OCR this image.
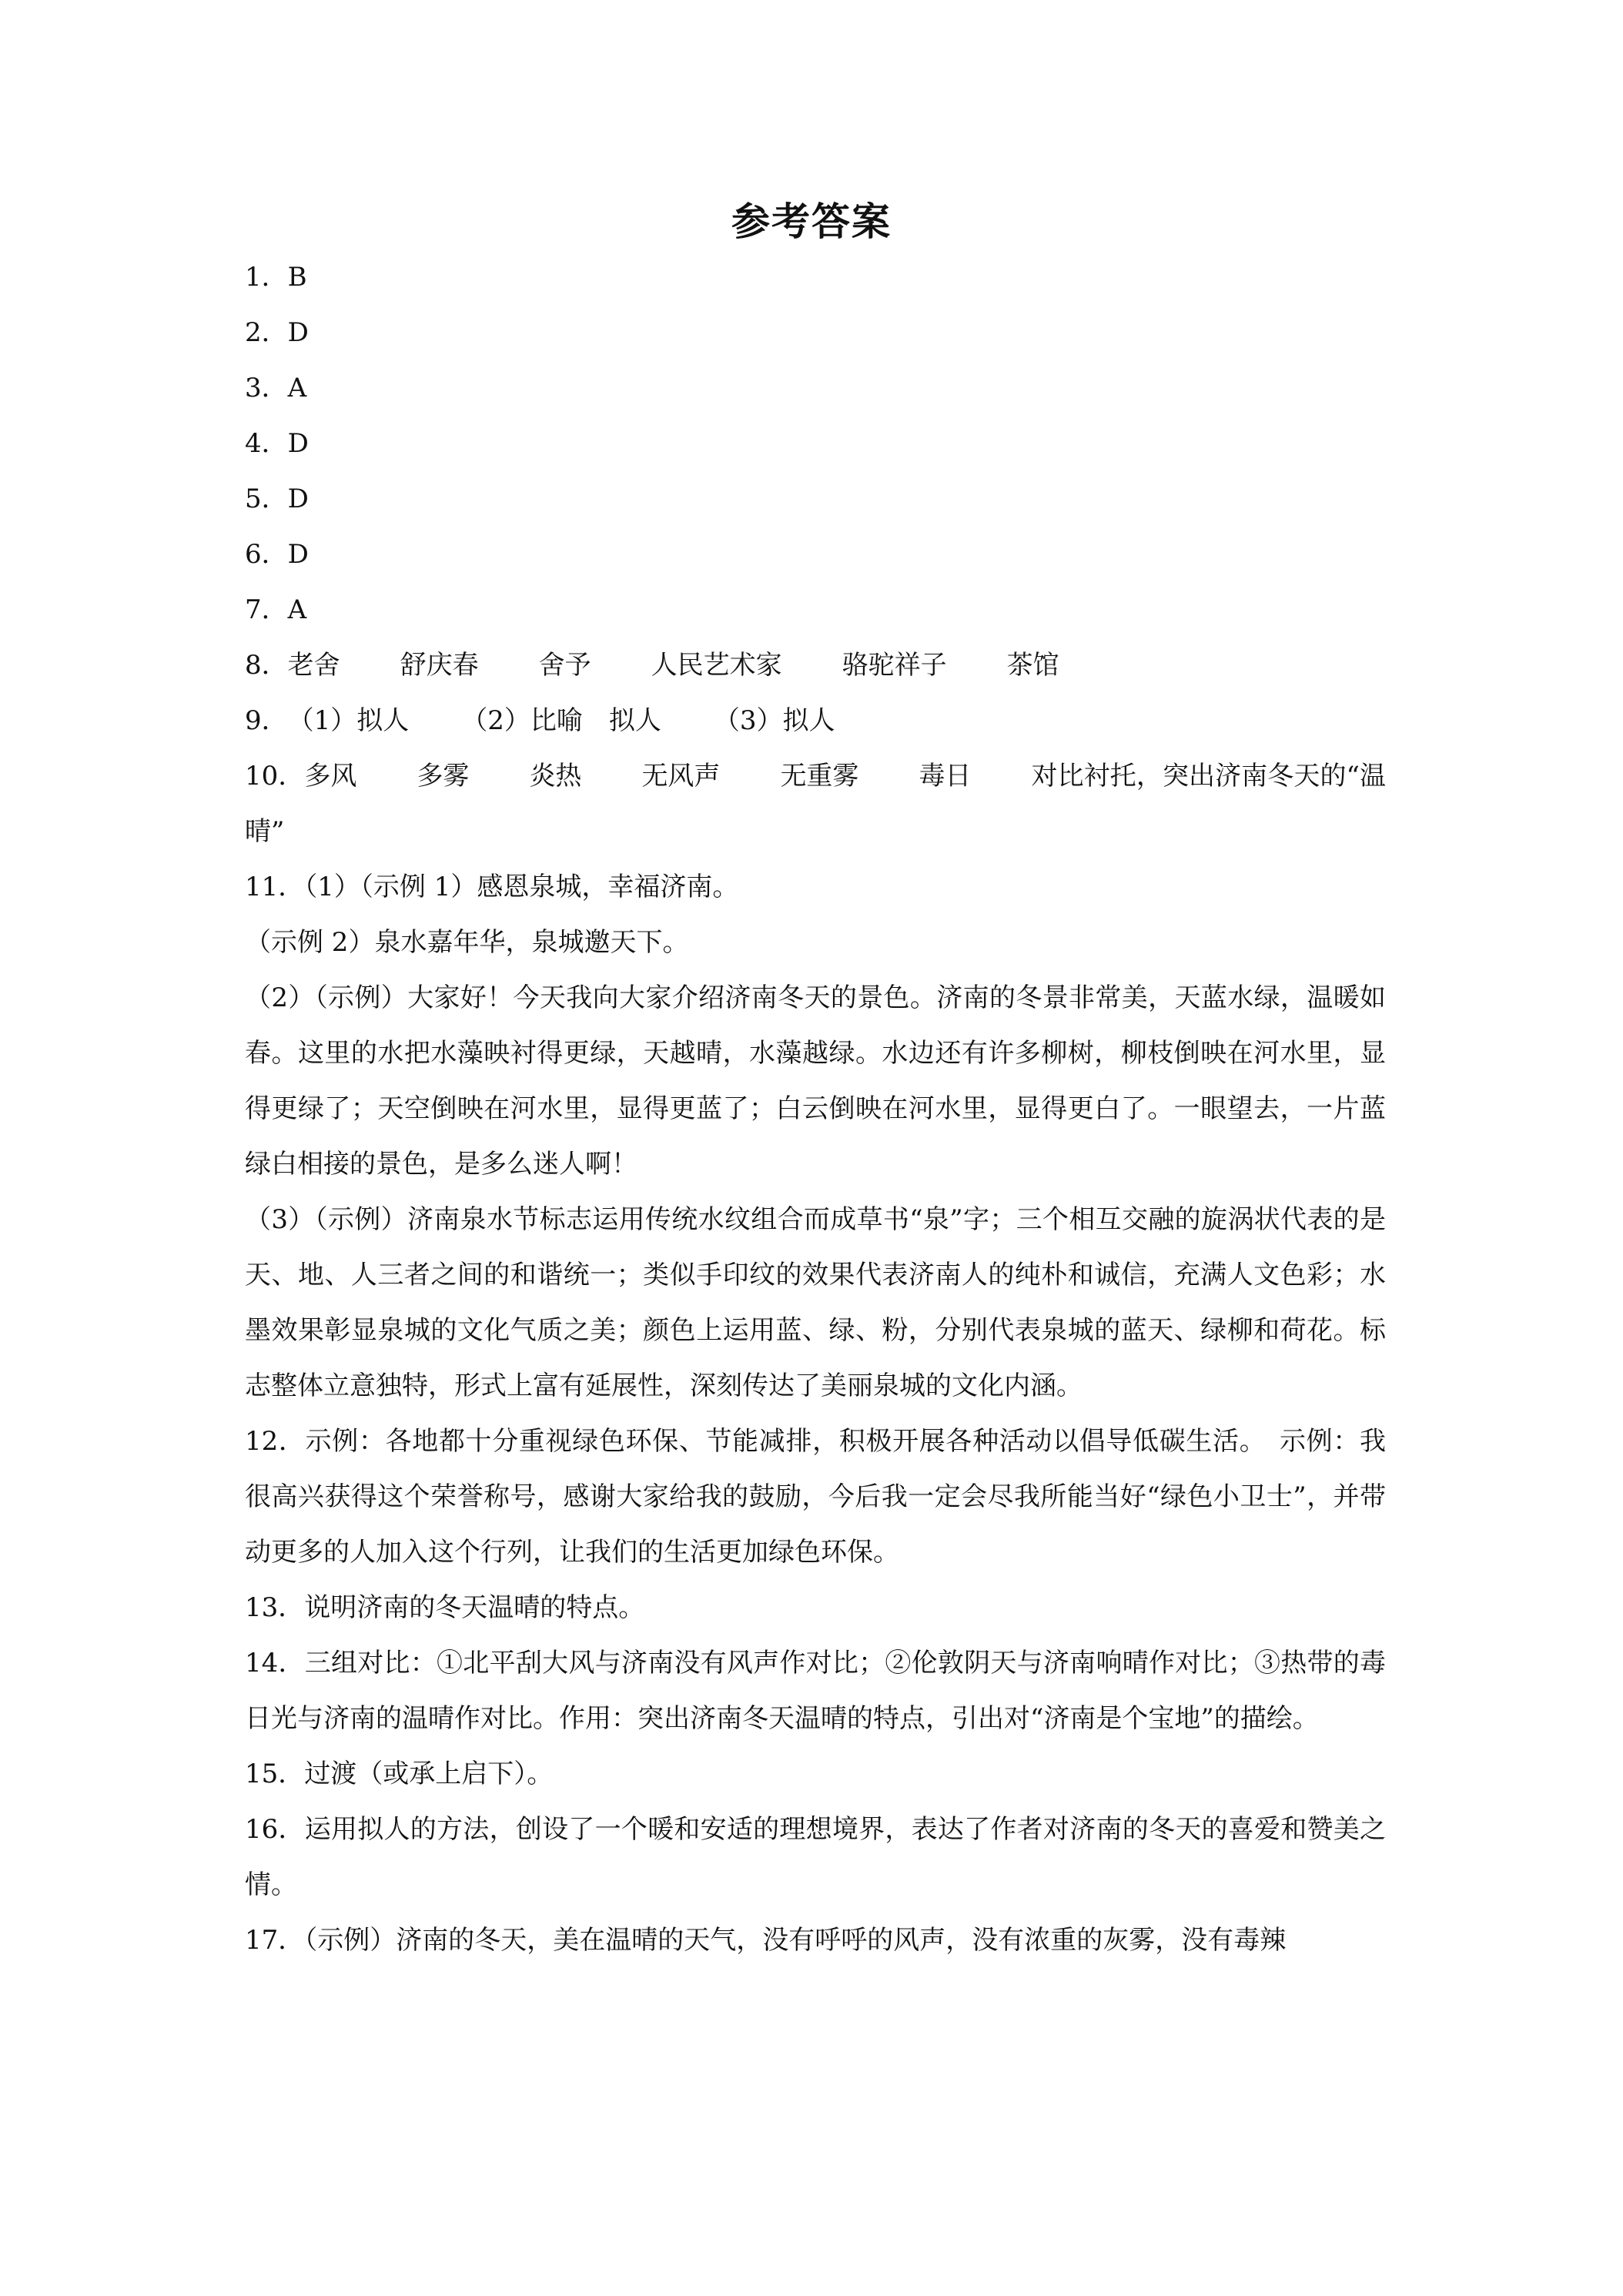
参考答案
1．B
2．D
3．A
4．D
5．D
6．D
7．A
8．老舍 舒庆春 舍予 人民艺术家 骆驼祥子 茶馆
9．（1）拟人 （2）比喻　拟人 （3）拟人
10．多风 多雾 炎热 无风声 无重雾 毒日 对比衬托，突出济南冬天的“温晴”
11．（1）（示例 1）感恩泉城，幸福济南。
（示例 2）泉水嘉年华，泉城邀天下。
（2）（示例）大家好！今天我向大家介绍济南冬天的景色。济南的冬景非常美，天蓝水绿，温暖如春。这里的水把水藻映衬得更绿，天越晴，水藻越绿。水边还有许多柳树，柳枝倒映在河水里，显得更绿了；天空倒映在河水里，显得更蓝了；白云倒映在河水里，显得更白了。一眼望去，一片蓝绿白相接的景色，是多么迷人啊！
（3）（示例）济南泉水节标志运用传统水纹组合而成草书“泉”字；三个相互交融的旋涡状代表的是天、地、人三者之间的和谐统一；类似手印纹的效果代表济南人的纯朴和诚信，充满人文色彩；水墨效果彰显泉城的文化气质之美；颜色上运用蓝、绿、粉，分别代表泉城的蓝天、绿柳和荷花。标志整体立意独特，形式上富有延展性，深刻传达了美丽泉城的文化内涵。
12．示例：各地都十分重视绿色环保、节能减排，积极开展各种活动以倡导低碳生活。　示例：我很高兴获得这个荣誉称号，感谢大家给我的鼓励，今后我一定会尽我所能当好“绿色小卫士”，并带动更多的人加入这个行列，让我们的生活更加绿色环保。
13．说明济南的冬天温晴的特点。
14．三组对比：①北平刮大风与济南没有风声作对比；②伦敦阴天与济南响晴作对比；③热带的毒日光与济南的温晴作对比。作用：突出济南冬天温晴的特点，引出对“济南是个宝地”的描绘。
15．过渡（或承上启下）。
16．运用拟人的方法，创设了一个暖和安适的理想境界，表达了作者对济南的冬天的喜爱和赞美之情。
17．（示例）济南的冬天，美在温晴的天气，没有呼呼的风声，没有浓重的灰雾，没有毒辣
